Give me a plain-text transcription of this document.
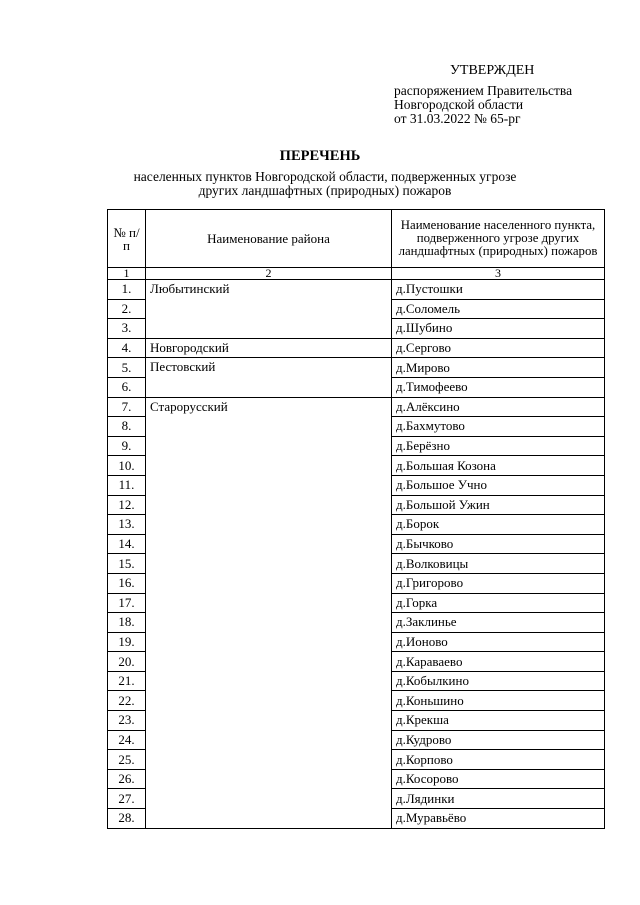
УТВЕРЖДЕН
распоряжением Правительства
Новгородской области
от 31.03.2022 № 65-рг
ПЕРЕЧЕНЬ
населенных пунктов Новгородской области, подверженных угрозе других ландшафтных (природных) пожаров
№ п/п	Наименование района	Наименование населенного пункта, подверженного угрозе других ландшафтных (природных) пожаров
1	2	3
1.	Любытинский	д.Пустошки
2.		д.Соломель
3.		д.Шубино
4.	Новгородский	д.Сергово
5.	Пестовский	д.Мирово
6.		д.Тимофеево
7.	Старорусский	д.Алёксино
8.		д.Бахмутово
9.		д.Берёзно
10.		д.Большая Козона
11.		д.Большое Учно
12.		д.Большой Ужин
13.		д.Борок
14.		д.Бычково
15.		д.Волковицы
16.		д.Григорово
17.		д.Горка
18.		д.Заклинье
19.		д.Ионово
20.		д.Караваево
21.		д.Кобылкино
22.		д.Коньшино
23.		д.Крекша
24.		д.Кудрово
25.		д.Корпово
26.		д.Косорово
27.		д.Лядинки
28.		д.Муравьёво
